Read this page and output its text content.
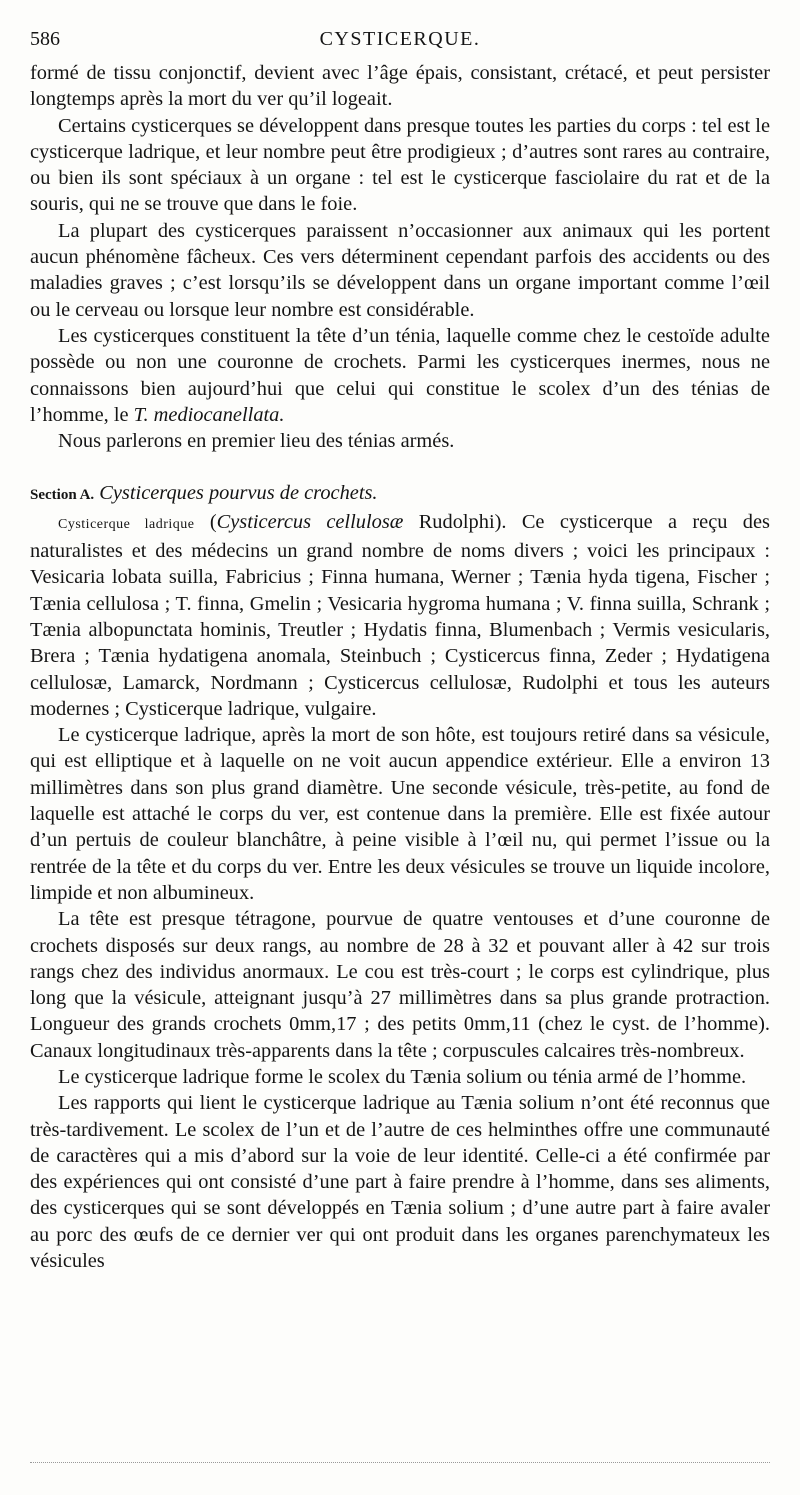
586	CYSTICERQUE.

formé de tissu conjonctif, devient avec l’âge épais, consistant, crétacé, et peut persister longtemps après la mort du ver qu’il logeait.

Certains cysticerques se développent dans presque toutes les parties du corps : tel est le cysticerque ladrique, et leur nombre peut être prodigieux ; d’autres sont rares au contraire, ou bien ils sont spéciaux à un organe : tel est le cysticerque fasciolaire du rat et de la souris, qui ne se trouve que dans le foie.

La plupart des cysticerques paraissent n’occasionner aux animaux qui les portent aucun phénomène fâcheux. Ces vers déterminent cependant parfois des accidents ou des maladies graves ; c’est lorsqu’ils se développent dans un organe important comme l’œil ou le cerveau ou lorsque leur nombre est considérable.

Les cysticerques constituent la tête d’un ténia, laquelle comme chez le cestoïde adulte possède ou non une couronne de crochets. Parmi les cysticerques inermes, nous ne connaissons bien aujourd’hui que celui qui constitue le scolex d’un des ténias de l’homme, le T. mediocanellata.

Nous parlerons en premier lieu des ténias armés.

Section A. Cysticerques pourvus de crochets.

Cysticerque ladrique (Cysticercus cellulosæ Rudolphi). Ce cysticerque a reçu des naturalistes et des médecins un grand nombre de noms divers ; voici les principaux : Vesicaria lobata suilla, Fabricius ; Finna humana, Werner ; Tænia hyda tigena, Fischer ; Tænia cellulosa ; T. finna, Gmelin ; Vesicaria hygroma humana ; V. finna suilla, Schrank ; Tænia albopunctata hominis, Treutler ; Hydatis finna, Blumenbach ; Vermis vesicularis, Brera ; Tænia hydatigena anomala, Steinbuch ; Cysticercus finna, Zeder ; Hydatigena cellulosæ, Lamarck, Nordmann ; Cysticercus cellulosæ, Rudolphi et tous les auteurs modernes ; Cysticerque ladrique, vulgaire.

Le cysticerque ladrique, après la mort de son hôte, est toujours retiré dans sa vésicule, qui est elliptique et à laquelle on ne voit aucun appendice extérieur. Elle a environ 13 millimètres dans son plus grand diamètre. Une seconde vésicule, très-petite, au fond de laquelle est attaché le corps du ver, est contenue dans la première. Elle est fixée autour d’un pertuis de couleur blanchâtre, à peine visible à l’œil nu, qui permet l’issue ou la rentrée de la tête et du corps du ver. Entre les deux vésicules se trouve un liquide incolore, limpide et non albumineux.

La tête est presque tétragone, pourvue de quatre ventouses et d’une couronne de crochets disposés sur deux rangs, au nombre de 28 à 32 et pouvant aller à 42 sur trois rangs chez des individus anormaux. Le cou est très-court ; le corps est cylindrique, plus long que la vésicule, atteignant jusqu’à 27 millimètres dans sa plus grande protraction. Longueur des grands crochets 0mm,17 ; des petits 0mm,11 (chez le cyst. de l’homme). Canaux longitudinaux très-apparents dans la tête ; corpuscules calcaires très-nombreux.

Le cysticerque ladrique forme le scolex du Tænia solium ou ténia armé de l’homme.

Les rapports qui lient le cysticerque ladrique au Tænia solium n’ont été reconnus que très-tardivement. Le scolex de l’un et de l’autre de ces helminthes offre une communauté de caractères qui a mis d’abord sur la voie de leur identité. Celle-ci a été confirmée par des expériences qui ont consisté d’une part à faire prendre à l’homme, dans ses aliments, des cysticerques qui se sont développés en Tænia solium ; d’une autre part à faire avaler au porc des œufs de ce dernier ver qui ont produit dans les organes parenchymateux les vésicules
